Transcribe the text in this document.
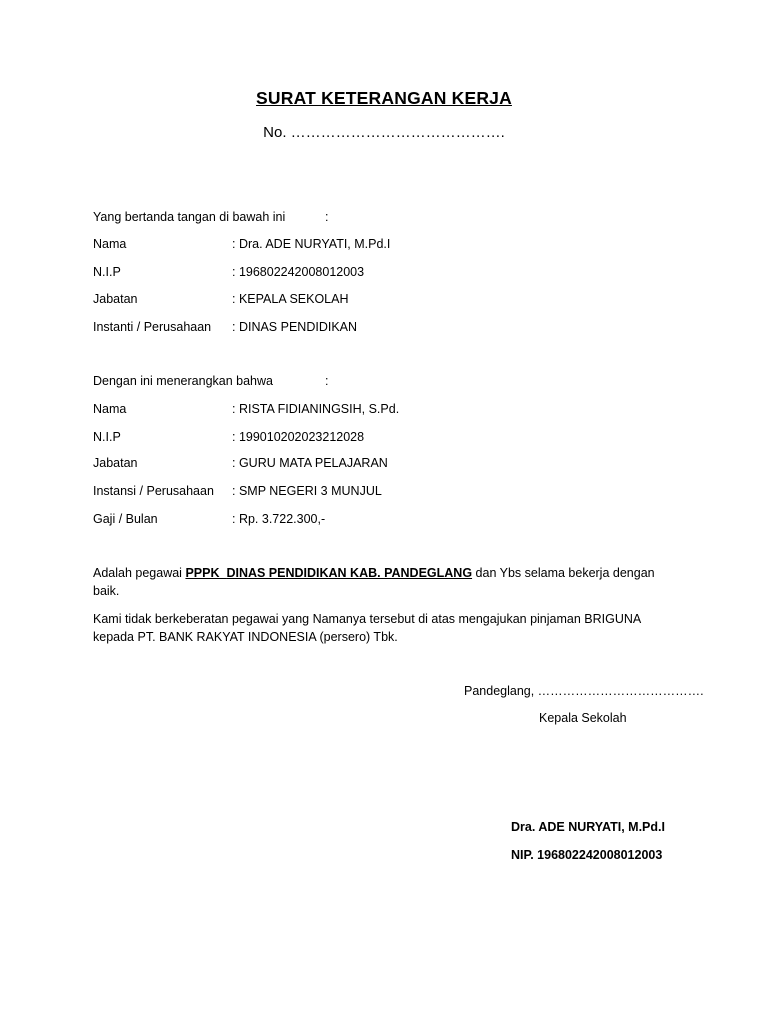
SURAT KETERANGAN KERJA
No. …………………………………….
Yang bertanda tangan di bawah ini	:
Nama	: Dra. ADE NURYATI, M.Pd.I
N.I.P	: 196802242008012003
Jabatan	: KEPALA SEKOLAH
Instanti / Perusahaan : DINAS PENDIDIKAN
Dengan ini menerangkan bahwa	:
Nama	: RISTA FIDIANINGSIH, S.Pd.
N.I.P	: 199010202023212028
Jabatan	: GURU MATA PELAJARAN
Instansi / Perusahaan : SMP NEGERI 3 MUNJUL
Gaji / Bulan	: Rp. 3.722.300,-
Adalah pegawai PPPK DINAS PENDIDIKAN KAB. PANDEGLANG dan Ybs selama bekerja dengan baik.
Kami tidak berkeberatan pegawai yang Namanya tersebut di atas mengajukan pinjaman BRIGUNA kepada PT. BANK RAKYAT INDONESIA (persero) Tbk.
Pandeglang, ………………………………….
Kepala Sekolah
Dra. ADE NURYATI, M.Pd.I
NIP. 196802242008012003
